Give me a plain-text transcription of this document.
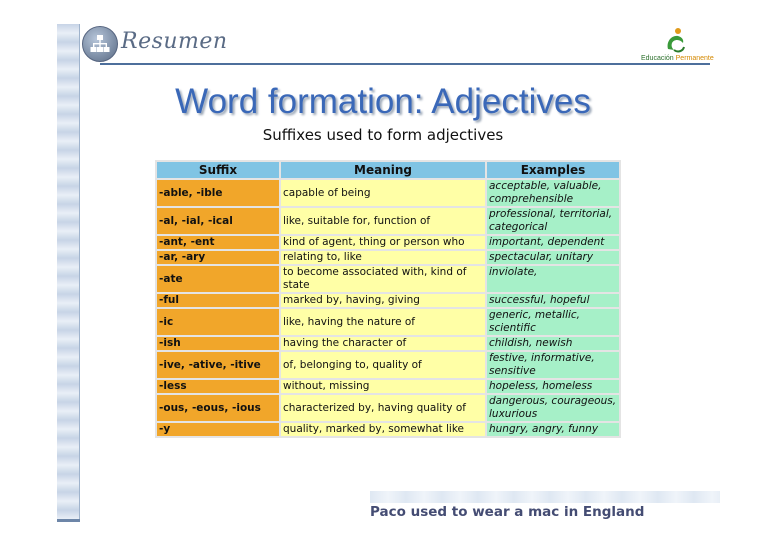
Resumen
Educación Permanente
Word formation: Adjectives
Suffixes used to form adjectives
Suffix	Meaning	Examples
-able, -ible	capable of being	acceptable, valuable, comprehensible
-al, -ial, -ical	like, suitable for, function of	professional, territorial, categorical
-ant, -ent	kind of agent, thing or person who	important, dependent
-ar, -ary	relating to, like	spectacular, unitary
-ate	to become associated with, kind of state	inviolate,
-ful	marked by, having, giving	successful, hopeful
-ic	like, having the nature of	generic, metallic, scientific
-ish	having the character of	childish, newish
-ive, -ative, -itive	of, belonging to, quality of	festive, informative, sensitive
-less	without, missing	hopeless, homeless
-ous, -eous, -ious	characterized by, having quality of	dangerous, courageous, luxurious
-y	quality, marked by, somewhat like	hungry, angry, funny
Paco used to wear a mac in England
